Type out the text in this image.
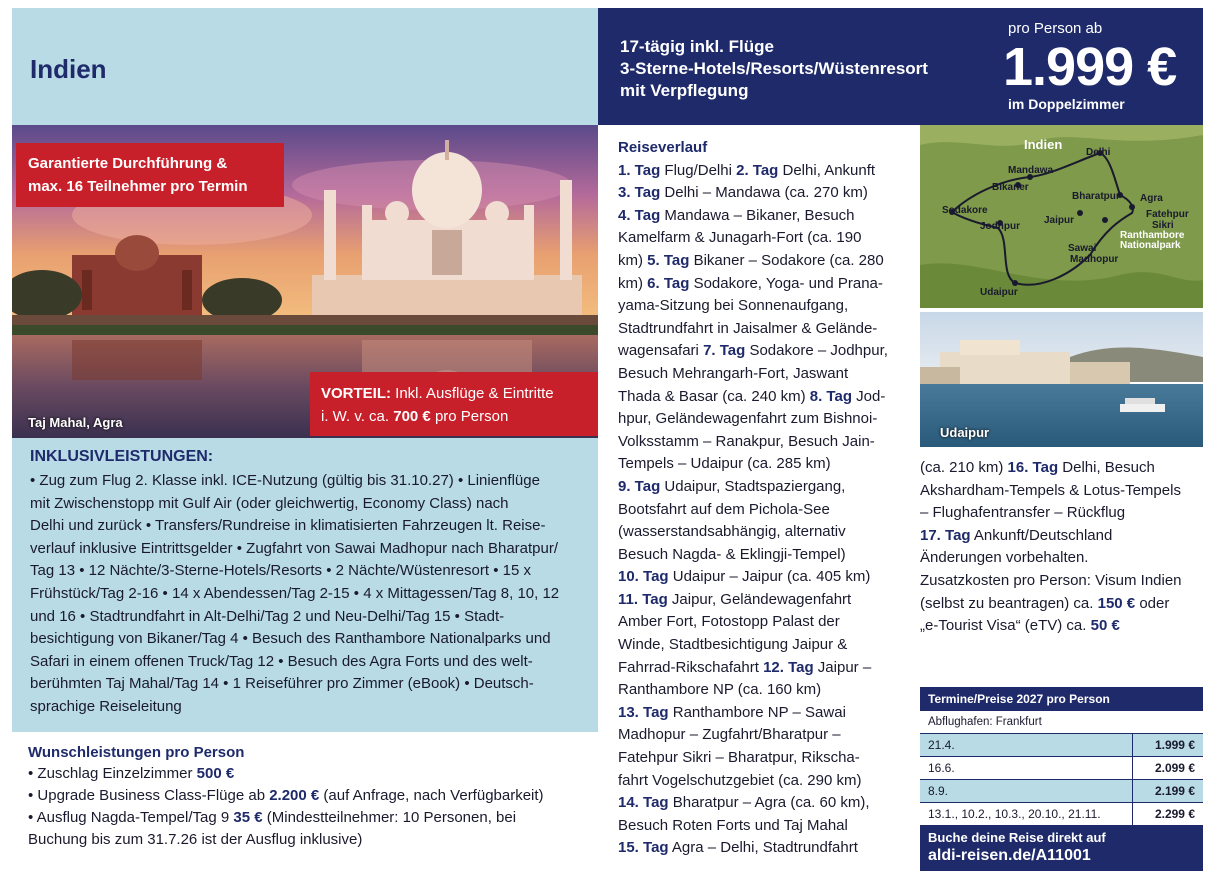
Indien
17-tägig inkl. Flüge
3-Sterne-Hotels/Resorts/Wüstenresort
mit Verpflegung
pro Person ab
1.999 €
im Doppelzimmer
Garantierte Durchführung &
max. 16 Teilnehmer pro Termin
Taj Mahal, Agra
VORTEIL: Inkl. Ausflüge & Eintritte
i. W. v. ca. 700 € pro Person
INKLUSIVLEISTUNGEN:
• Zug zum Flug 2. Klasse inkl. ICE-Nutzung (gültig bis 31.10.27) • Linienflüge
mit Zwischenstopp mit Gulf Air (oder gleichwertig, Economy Class) nach
Delhi und zurück • Transfers/Rundreise in klimatisierten Fahrzeugen lt. Reise-
verlauf inklusive Eintrittsgelder • Zugfahrt von Sawai Madhopur nach Bharatpur/
Tag 13 • 12 Nächte/3-Sterne-Hotels/Resorts • 2 Nächte/Wüstenresort • 15 x
Frühstück/Tag 2-16 • 14 x Abendessen/Tag 2-15 • 4 x Mittagessen/Tag 8, 10, 12
und 16 • Stadtrundfahrt in Alt-Delhi/Tag 2 und Neu-Delhi/Tag 15 • Stadt-
besichtigung von Bikaner/Tag 4 • Besuch des Ranthambore Nationalparks und
Safari in einem offenen Truck/Tag 12 • Besuch des Agra Forts und des welt-
berühmten Taj Mahal/Tag 14 • 1 Reiseführer pro Zimmer (eBook) • Deutsch-
sprachige Reiseleitung
Wunschleistungen pro Person
• Zuschlag Einzelzimmer 500 €
• Upgrade Business Class-Flüge ab 2.200 € (auf Anfrage, nach Verfügbarkeit)
• Ausflug Nagda-Tempel/Tag 9 35 € (Mindestteilnehmer: 10 Personen, bei
Buchung bis zum 31.7.26 ist der Ausflug inklusive)
Reiseverlauf
1. Tag Flug/Delhi 2. Tag Delhi, Ankunft
3. Tag Delhi – Mandawa (ca. 270 km)
4. Tag Mandawa – Bikaner, Besuch
Kamelfarm & Junagarh-Fort (ca. 190
km) 5. Tag Bikaner – Sodakore (ca. 280
km) 6. Tag Sodakore, Yoga- und Prana-
yama-Sitzung bei Sonnenaufgang,
Stadtrundfahrt in Jaisalmer & Gelände-
wagensafari 7. Tag Sodakore – Jodhpur,
Besuch Mehrangarh-Fort, Jaswant
Thada & Basar (ca. 240 km) 8. Tag Jod-
hpur, Geländewagenfahrt zum Bishnoi-
Volksstamm – Ranakpur, Besuch Jain-
Tempels – Udaipur (ca. 285 km)
9. Tag Udaipur, Stadtspaziergang,
Bootsfahrt auf dem Pichola-See
(wasserstandsabhängig, alternativ
Besuch Nagda- & Eklingji-Tempel)
10. Tag Udaipur – Jaipur (ca. 405 km)
11. Tag Jaipur, Geländewagenfahrt
Amber Fort, Fotostopp Palast der
Winde, Stadtbesichtigung Jaipur &
Fahrrad-Rikschafahrt 12. Tag Jaipur –
Ranthambore NP (ca. 160 km)
13. Tag Ranthambore NP – Sawai
Madhopur – Zugfahrt/Bharatpur –
Fatehpur Sikri – Bharatpur, Rikscha-
fahrt Vogelschutzgebiet (ca. 290 km)
14. Tag Bharatpur – Agra (ca. 60 km),
Besuch Roten Forts und Taj Mahal
15. Tag Agra – Delhi, Stadtrundfahrt
Indien
Delhi
Mandawa
Bikaner
Sodakore
Jodhpur
Jaipur
Bharatpur Agra
Fatehpur
Sikri
Ranthambore
Nationalpark
Sawai
Madhopur
Udaipur
Udaipur
(ca. 210 km) 16. Tag Delhi, Besuch
Akshardham-Tempels & Lotus-Tempels
– Flughafentransfer – Rückflug
17. Tag Ankunft/Deutschland
Änderungen vorbehalten.
Zusatzkosten pro Person: Visum Indien
(selbst zu beantragen) ca. 150 € oder
„e-Tourist Visa“ (eTV) ca. 50 €
Termine/Preise 2027 pro Person
Abflughafen: Frankfurt
21.4.	1.999 €
16.6.	2.099 €
8.9.	2.199 €
13.1., 10.2., 10.3., 20.10., 21.11.	2.299 €
Buche deine Reise direkt auf
aldi-reisen.de/A11001
